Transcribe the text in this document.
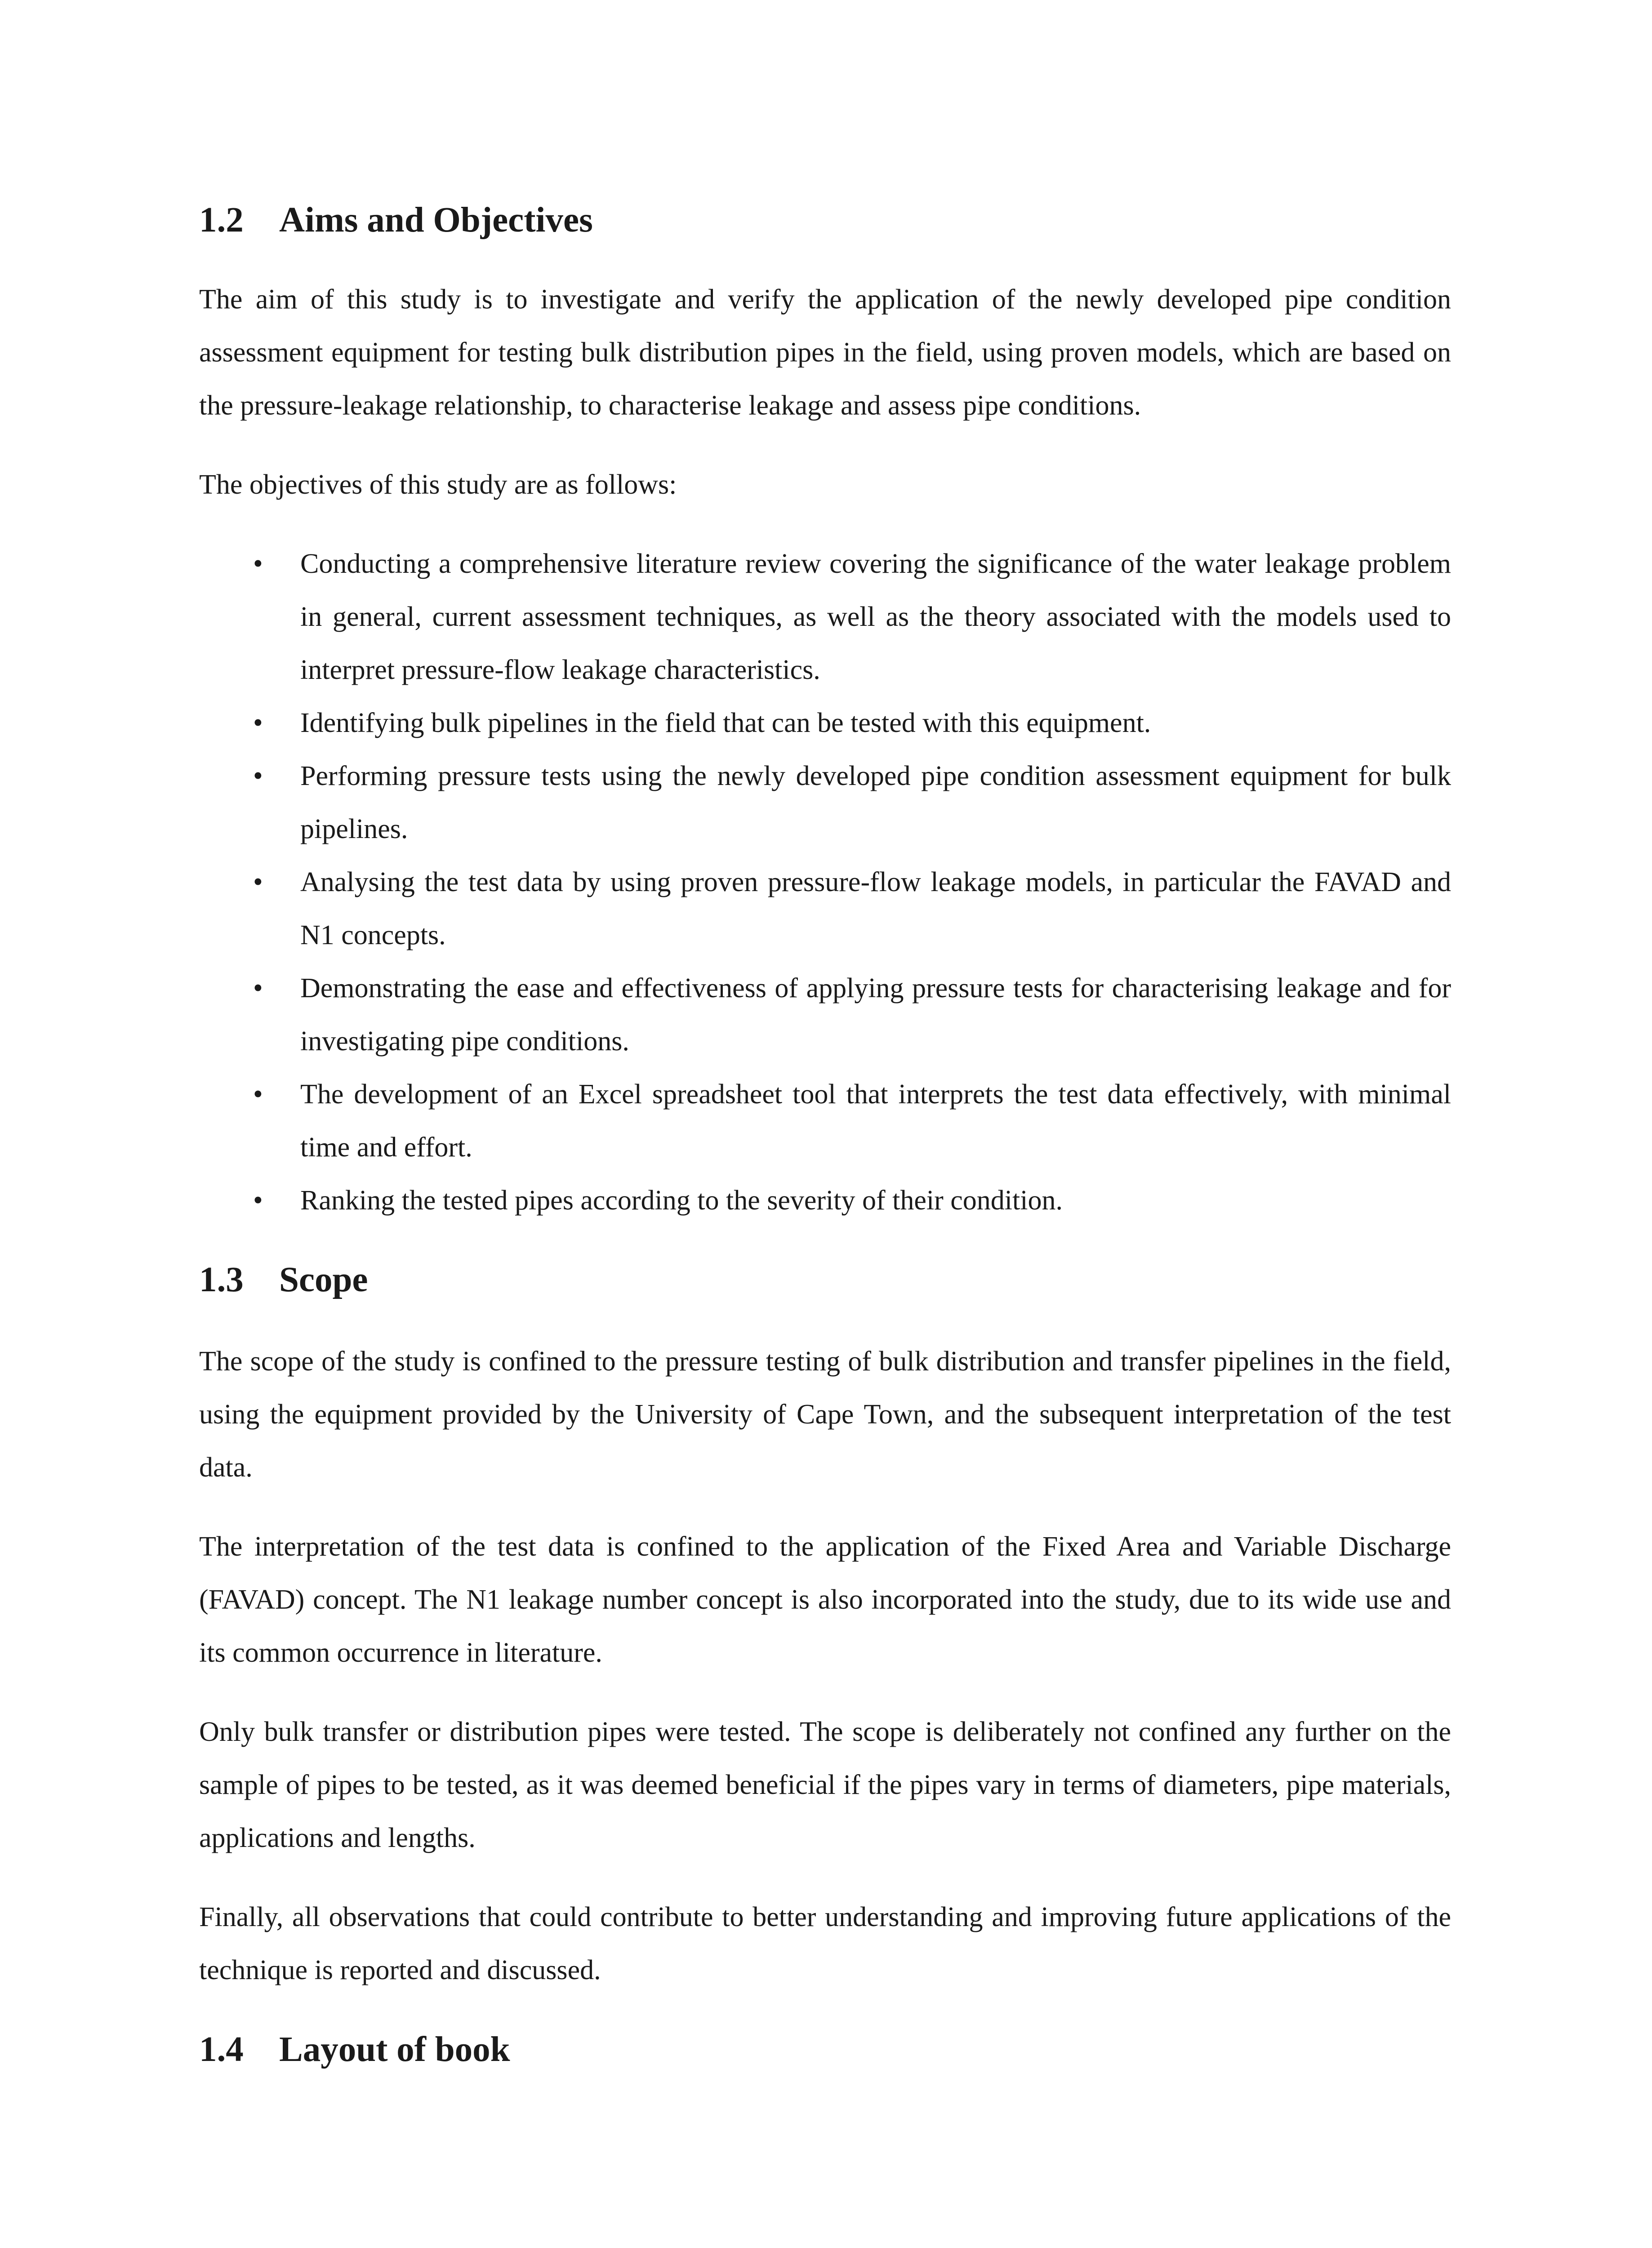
1.2	Aims and Objectives

The aim of this study is to investigate and verify the application of the newly developed pipe condition assessment equipment for testing bulk distribution pipes in the field, using proven models, which are based on the pressure-leakage relationship, to characterise leakage and assess pipe conditions.

The objectives of this study are as follows:

• Conducting a comprehensive literature review covering the significance of the water leakage problem in general, current assessment techniques, as well as the theory associated with the models used to interpret pressure-flow leakage characteristics.
• Identifying bulk pipelines in the field that can be tested with this equipment.
• Performing pressure tests using the newly developed pipe condition assessment equipment for bulk pipelines.
• Analysing the test data by using proven pressure-flow leakage models, in particular the FAVAD and N1 concepts.
• Demonstrating the ease and effectiveness of applying pressure tests for characterising leakage and for investigating pipe conditions.
• The development of an Excel spreadsheet tool that interprets the test data effectively, with minimal time and effort.
• Ranking the tested pipes according to the severity of their condition.
1.3	Scope

The scope of the study is confined to the pressure testing of bulk distribution and transfer pipelines in the field, using the equipment provided by the University of Cape Town, and the subsequent interpretation of the test data.

The interpretation of the test data is confined to the application of the Fixed Area and Variable Discharge (FAVAD) concept. The N1 leakage number concept is also incorporated into the study, due to its wide use and its common occurrence in literature.

Only bulk transfer or distribution pipes were tested. The scope is deliberately not confined any further on the sample of pipes to be tested, as it was deemed beneficial if the pipes vary in terms of diameters, pipe materials, applications and lengths.

Finally, all observations that could contribute to better understanding and improving future applications of the technique is reported and discussed.

1.4	Layout of book
